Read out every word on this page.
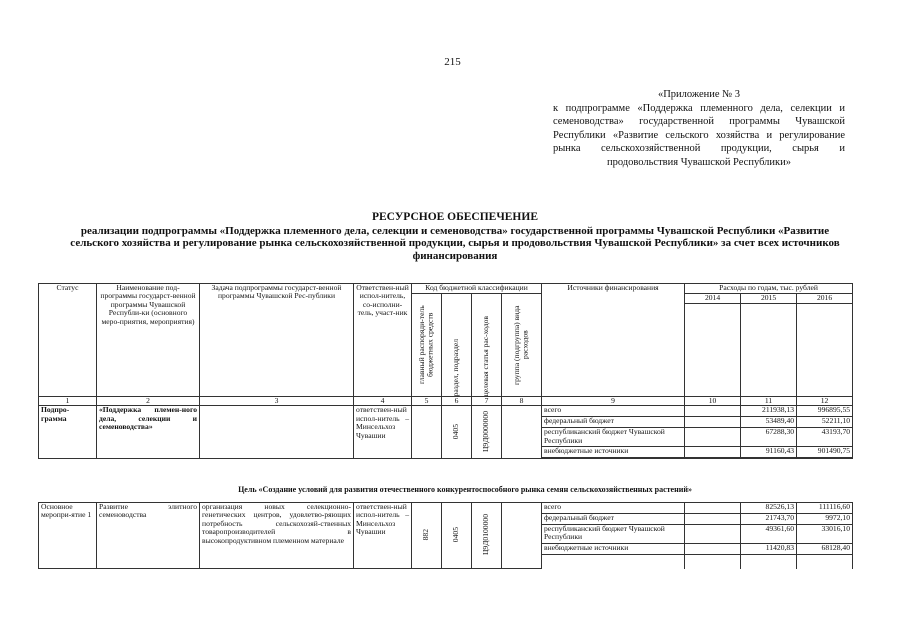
215
«Приложение № 3
к подпрограмме «Поддержка племенного дела, селекции и семеноводства» государственной программы Чувашской Республики «Развитие сельского хозяйства и регулирование рынка сельскохозяйственной продукции, сырья и продовольствия Чувашской Республики»
РЕСУРСНОЕ ОБЕСПЕЧЕНИЕ
реализации подпрограммы «Поддержка племенного дела, селекции и семеноводства» государственной программы Чувашской Республики «Развитие сельского хозяйства и регулирование рынка сельскохозяйственной продукции, сырья и продовольствия Чувашской Республики» за счет всех источников финансирования
Статус	Наименование под-программы государст-венной программы Чувашской Республи-ки (основного меро-приятия, мероприятия)	Задача подпрограммы государст-венной программы Чувашской Рес-публики	Ответствен-ный испол-нитель, со-исполни-тель, участ-ник	Код бюджетной классификации				Источники финансирования	Расходы по годам, тыс. рублей		

				главный распоряди-тель бюджетных средств	раздел, подраздел	целевая статья рас-ходов	группа (подгруппа) вида расходов		2014	2015	2016

1	2	3	4	5	6	7	8	9	10	11	12
Подпро-грамма	«Поддержка племен-ного дела, селекции и семеноводства»		ответствен-ный испол-нитель – Минсельхоз Чувашии		0405	Ц9Д0000000		всего		211938,13	996895,55
								федеральный бюджет		53489,40	52211,10
								республиканский бюджет Чувашской Республики		67288,30	43193,70
								внебюджетные источники		91160,43	901490,75

Цель «Создание условий для развития отечественного конкурентоспособного рынка семян сельскохозяйственных растений»
Основное меропри-ятие 1	Развитие элитного семеноводства	организация новых селекционно-генетических центров, удовлетво-ряющих потребность сельскохозяй-ственных товаропроизводителей в высокопродуктивном племенном материале	ответствен-ный испол-нитель – Минсельхоз Чувашии	882	0405	Ц9Д0100000		всего		82526,13	111116,60
								федеральный бюджет		21743,70	9972,10
								республиканский бюджет Чувашской Республики		49361,60	33016,10
								внебюджетные источники		11420,83	68128,40
